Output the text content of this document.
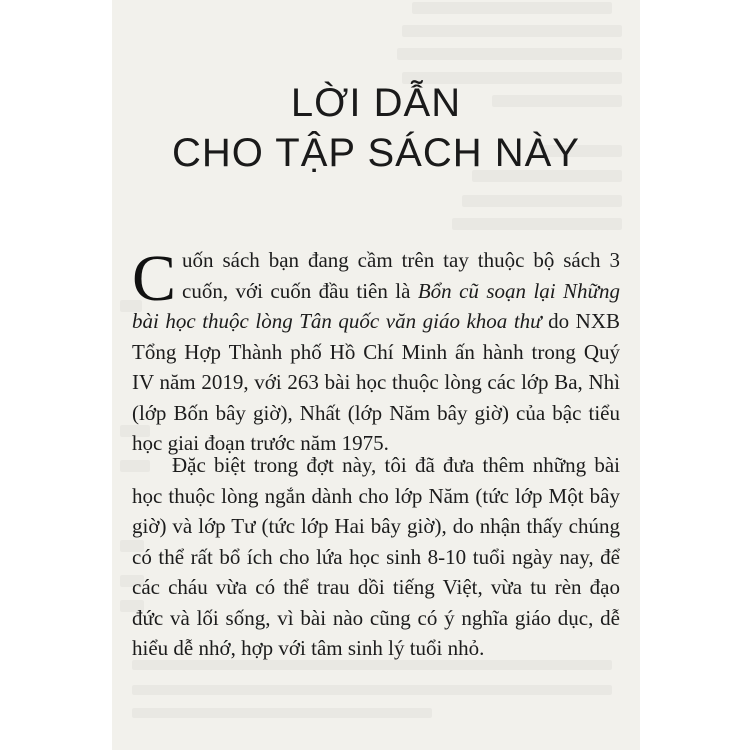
LỜI DẪN
CHO TẬP SÁCH NÀY
Cuốn sách bạn đang cầm trên tay thuộc bộ sách 3 cuốn, với cuốn đầu tiên là Bổn cũ soạn lại Những bài học thuộc lòng Tân quốc văn giáo khoa thư do NXB Tổng Hợp Thành phố Hồ Chí Minh ấn hành trong Quý IV năm 2019, với 263 bài học thuộc lòng các lớp Ba, Nhì (lớp Bốn bây giờ), Nhất (lớp Năm bây giờ) của bậc tiểu học giai đoạn trước năm 1975.
Đặc biệt trong đợt này, tôi đã đưa thêm những bài học thuộc lòng ngắn dành cho lớp Năm (tức lớp Một bây giờ) và lớp Tư (tức lớp Hai bây giờ), do nhận thấy chúng có thể rất bổ ích cho lứa học sinh 8-10 tuổi ngày nay, để các cháu vừa có thể trau dồi tiếng Việt, vừa tu rèn đạo đức và lối sống, vì bài nào cũng có ý nghĩa giáo dục, dễ hiểu dễ nhớ, hợp với tâm sinh lý tuổi nhỏ.
